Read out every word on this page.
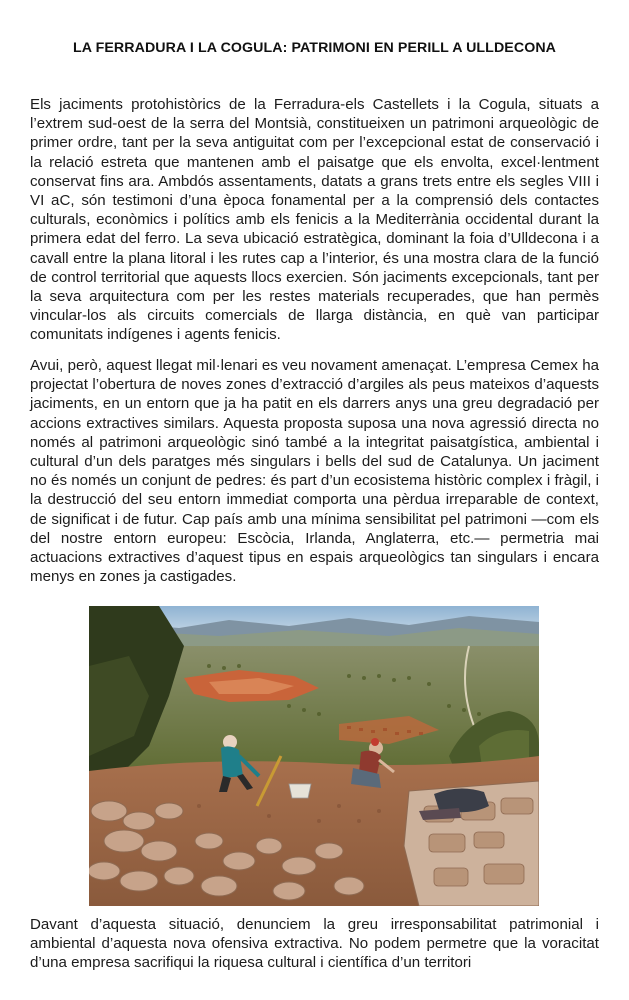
LA FERRADURA I LA COGULA: PATRIMONI EN PERILL A ULLDECONA

Els jaciments protohistòrics de la Ferradura-els Castellets i la Cogula, situats a l’extrem sud-oest de la serra del Montsià, constitueixen un patrimoni arqueològic de primer ordre, tant per la seva antiguitat com per l’excepcional estat de conservació i la relació estreta que mantenen amb el paisatge que els envolta, excel·lentment conservat fins ara. Ambdós assentaments, datats a grans trets entre els segles VIII i VI aC, són testimoni d’una època fonamental per a la comprensió dels contactes culturals, econòmics i polítics amb els fenicis a la Mediterrània occidental durant la primera edat del ferro. La seva ubicació estratègica, dominant la foia d’Ulldecona i a cavall entre la plana litoral i les rutes cap a l’interior, és una mostra clara de la funció de control territorial que aquests llocs exercien. Són jaciments excepcionals, tant per la seva arquitectura com per les restes materials recuperades, que han permès vincular-los als circuits comercials de llarga distància, en què van participar comunitats indígenes i agents fenicis.

Avui, però, aquest llegat mil·lenari es veu novament amenaçat. L’empresa Cemex ha projectat l’obertura de noves zones d’extracció d’argiles als peus mateixos d’aquests jaciments, en un entorn que ja ha patit en els darrers anys una greu degradació per accions extractives similars. Aquesta proposta suposa una nova agressió directa no només al patrimoni arqueològic sinó també a la integritat paisatgística, ambiental i cultural d’un dels paratges més singulars i bells del sud de Catalunya. Un jaciment no és només un conjunt de pedres: és part d’un ecosistema històric complex i fràgil, i la destrucció del seu entorn immediat comporta una pèrdua irreparable de context, de significat i de futur. Cap país amb una mínima sensibilitat pel patrimoni —com els del nostre entorn europeu: Escòcia, Irlanda, Anglaterra, etc.— permetria mai actuacions extractives d’aquest tipus en espais arqueològics tan singulars i encara menys en zones ja castigades.

Davant d’aquesta situació, denunciem la greu irresponsabilitat patrimonial i ambiental d’aquesta nova ofensiva extractiva. No podem permetre que la voracitat d’una empresa sacrifiqui la riquesa cultural i científica d’un territori
